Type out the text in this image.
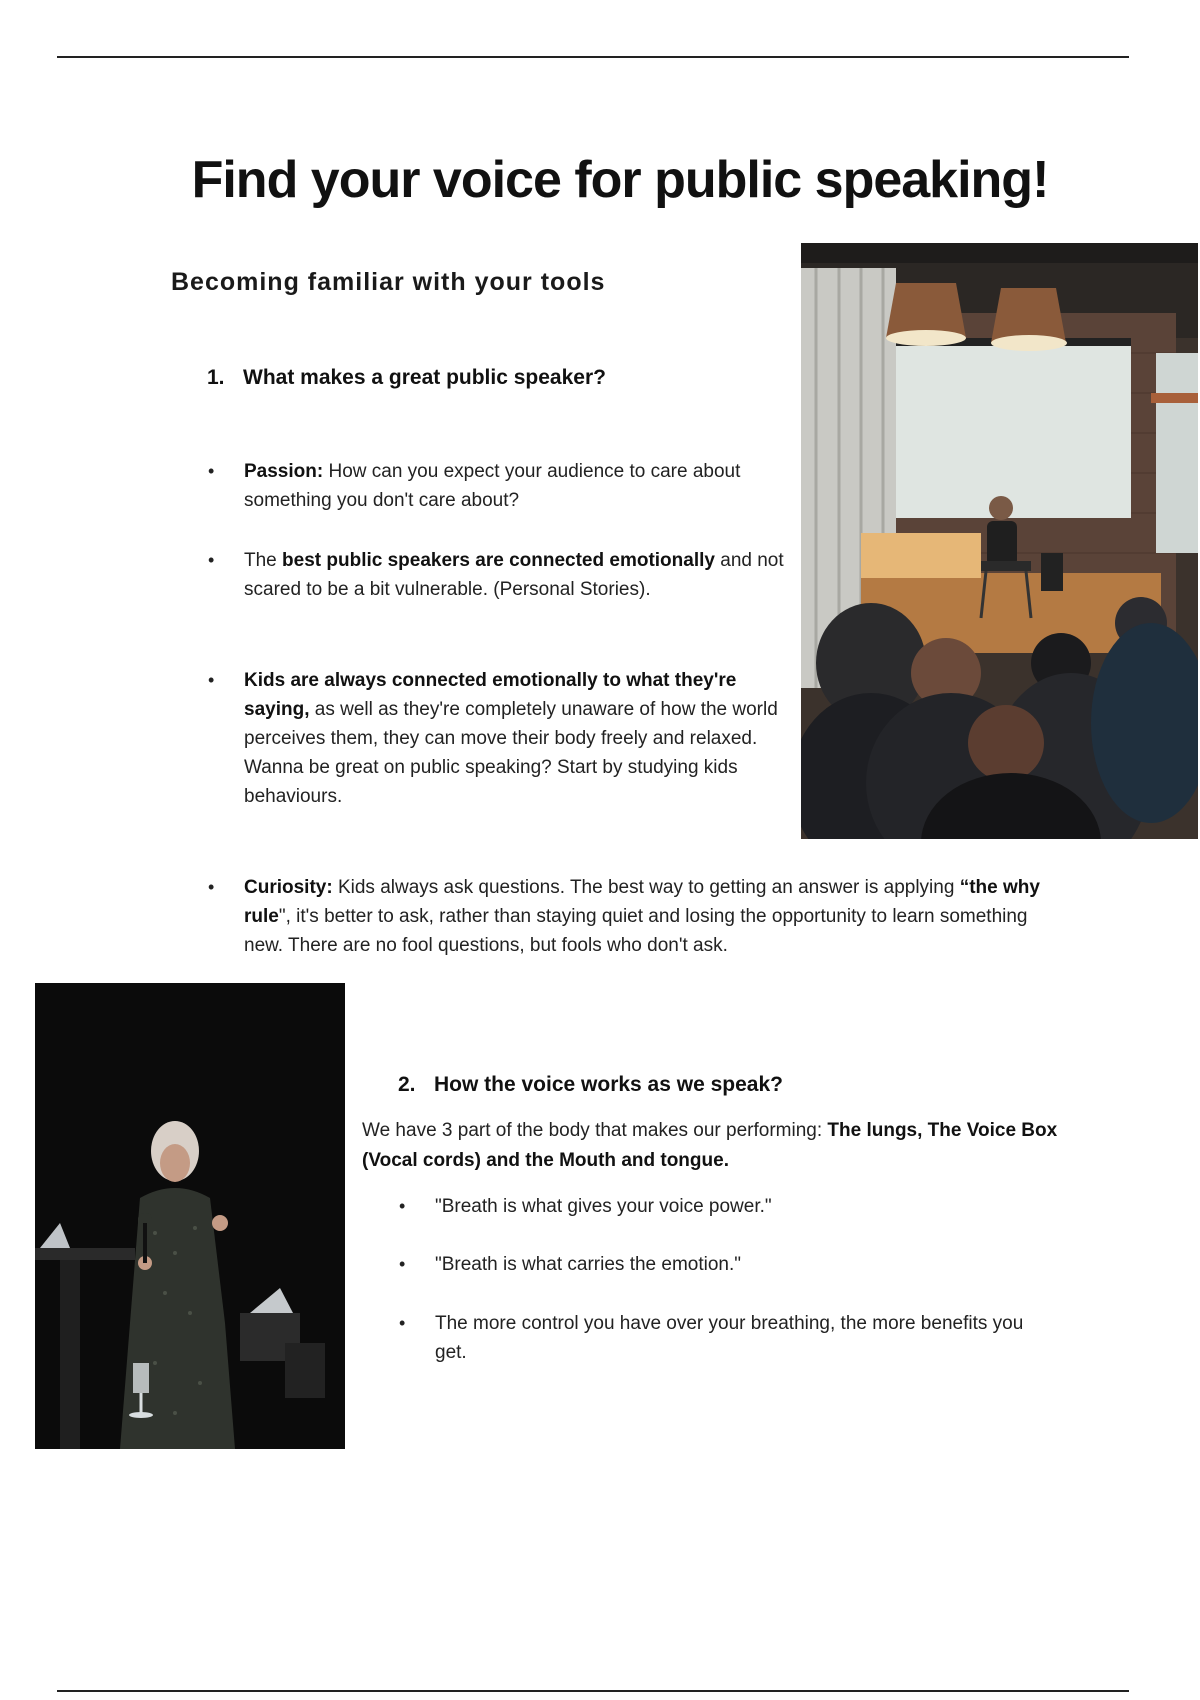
Find your voice for public speaking!

Becoming familiar with your tools

1. What makes a great public speaker?

• Passion: How can you expect your audience to care about something you don't care about?

• The best public speakers are connected emotionally and not scared to be a bit vulnerable. (Personal Stories).

• Kids are always connected emotionally to what they're saying, as well as they're completely unaware of how the world perceives them, they can move their body freely and relaxed. Wanna be great on public speaking? Start by studying kids behaviours.

• Curiosity: Kids always ask questions. The best way to getting an answer is applying “the why rule", it's better to ask, rather than staying quiet and losing the opportunity to learn something new. There are no fool questions, but fools who don't ask.

2. How the voice works as we speak?

We have 3 part of the body that makes our performing: The lungs, The Voice Box (Vocal cords) and the Mouth and tongue.

• "Breath is what gives your voice power."

• "Breath is what carries the emotion."

• The more control you have over your breathing, the more benefits you get.
